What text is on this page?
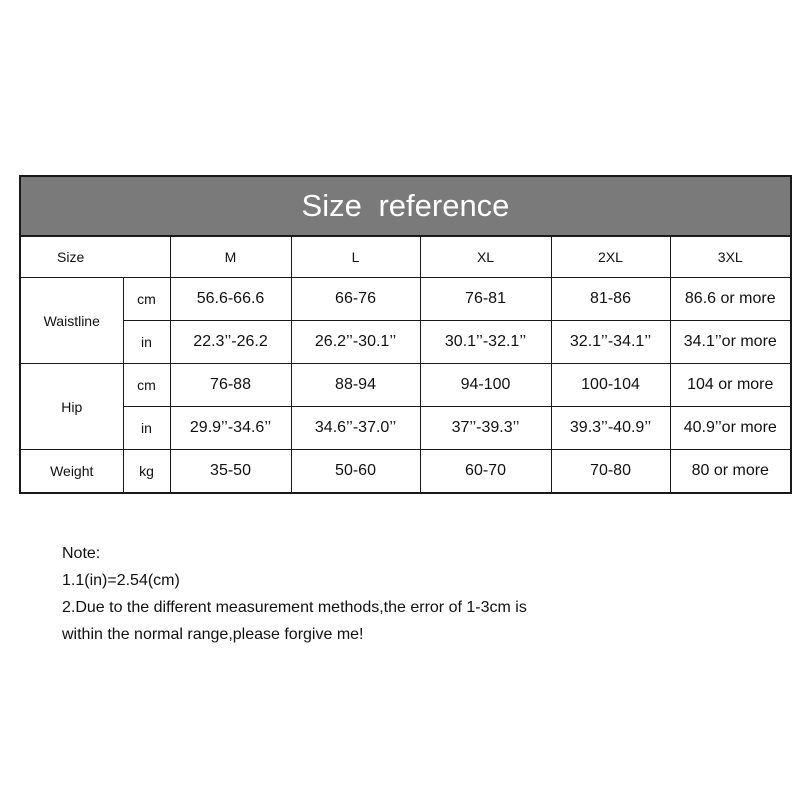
Size reference
Size		M	L	XL	2XL	3XL
Waistline	cm	56.6-66.6	66-76	76-81	81-86	86.6 or more
	in	22.3’’-26.2	26.2’’-30.1’’	30.1’’-32.1’’	32.1’’-34.1’’	34.1’’or more
Hip	cm	76-88	88-94	94-100	100-104	104 or more
	in	29.9’’-34.6’’	34.6’’-37.0’’	37’’-39.3’’	39.3’’-40.9’’	40.9’’or more
Weight	kg	35-50	50-60	60-70	70-80	80 or more
Note:
1.1(in)=2.54(cm)
2.Due to the different measurement methods,the error of 1-3cm is
within the normal range,please forgive me!
